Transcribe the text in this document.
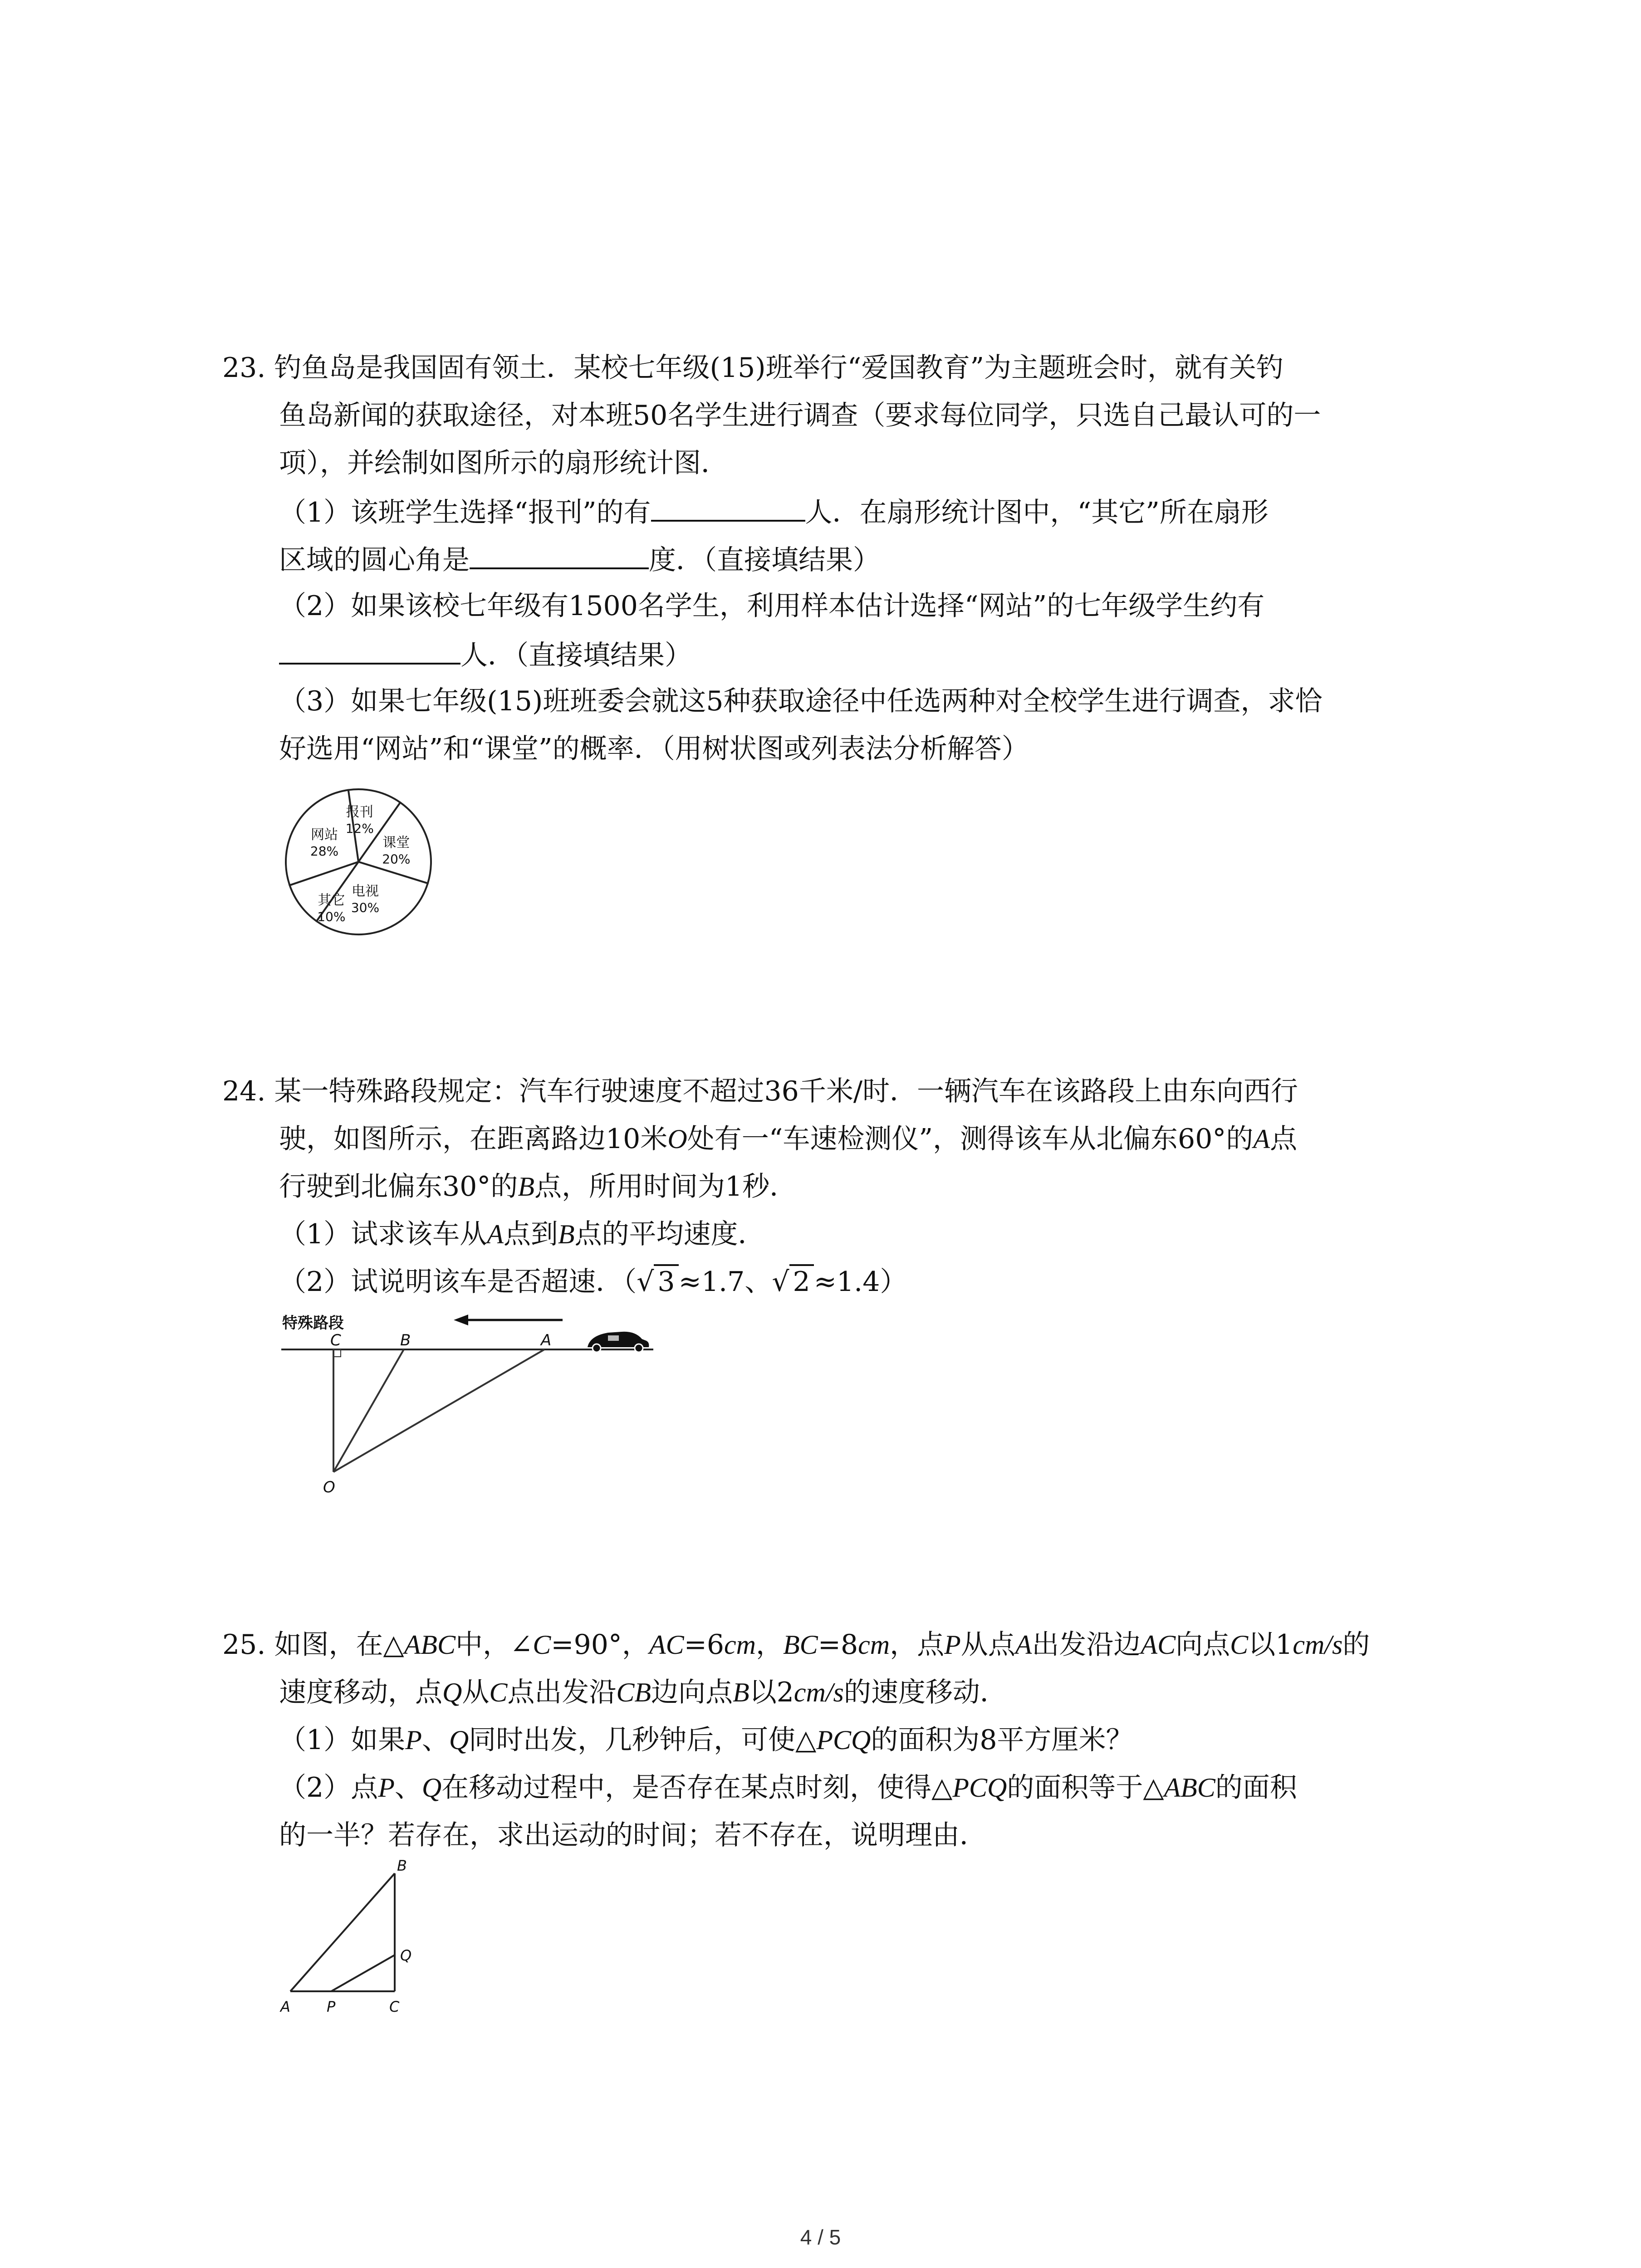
23. 钓鱼岛是我国固有领土．某校七年级(15)班举行“爱国教育”为主题班会时，就有关钓
鱼岛新闻的获取途径，对本班50名学生进行调查（要求每位同学，只选自己最认可的一
项），并绘制如图所示的扇形统计图．
（1）该班学生选择“报刊”的有	人．在扇形统计图中，“其它”所在扇形
区域的圆心角是	度．（直接填结果）
（2）如果该校七年级有1500名学生，利用样本估计选择“网站”的七年级学生约有
人．（直接填结果）
（3）如果七年级(15)班班委会就这5种获取途径中任选两种对全校学生进行调查，求恰
好选用“网站”和“课堂”的概率．（用树状图或列表法分析解答）
报刊
12%
课堂
20%
电视
30%
其它
10%
网站
28%
24. 某一特殊路段规定：汽车行驶速度不超过36千米/时．一辆汽车在该路段上由东向西行
驶，如图所示，在距离路边10米O处有一“车速检测仪”，测得该车从北偏东60°的A点
行驶到北偏东30°的B点，所用时间为1秒．
（1）试求该车从A点到B点的平均速度．
（2）试说明该车是否超速．（√ 3 ≈1.7、√ 2 ≈1.4）
特殊路段
C	B	A
O
25. 如图，在△ABC中，∠C=90°，AC=6cm，BC=8cm，点P从点A出发沿边AC向点C以1cm/s的
速度移动，点Q从C点出发沿CB边向点B以2cm/s的速度移动．
（1）如果P、Q同时出发，几秒钟后，可使△PCQ的面积为8平方厘米？
（2）点P、Q在移动过程中，是否存在某点时刻，使得△PCQ的面积等于△ABC的面积
的一半？若存在，求出运动的时间；若不存在，说明理由．
A	P	C
Q
B
4 / 5
